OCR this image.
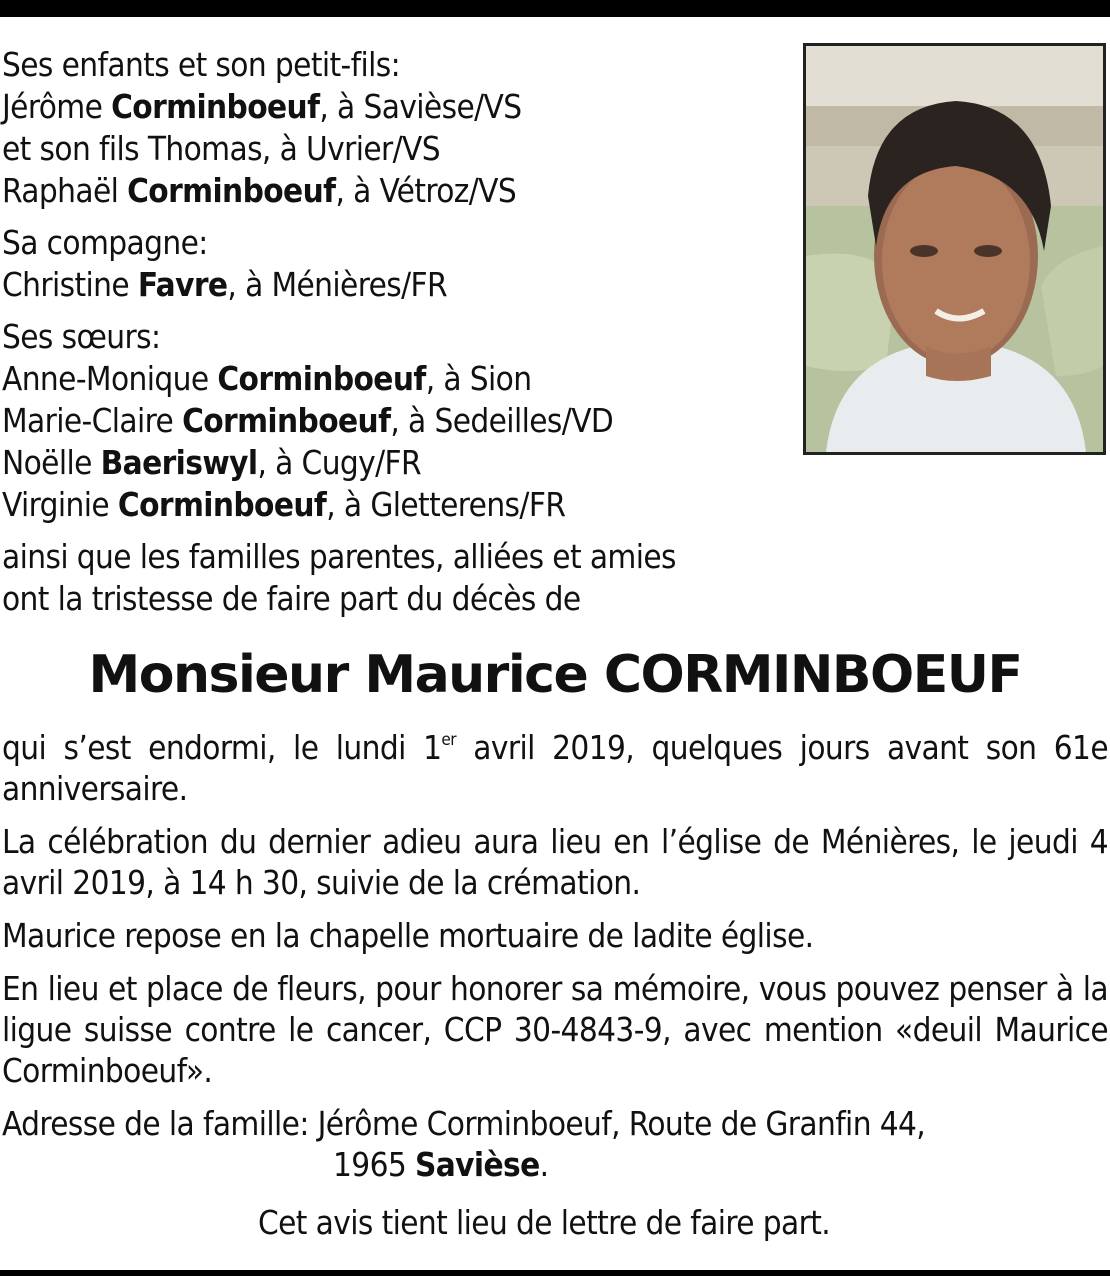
Ses enfants et son petit-fils:
Jérôme Corminboeuf, à Savièse/VS
et son fils Thomas, à Uvrier/VS
Raphaël Corminboeuf, à Vétroz/VS
Sa compagne:
Christine Favre, à Ménières/FR
Ses sœurs:
Anne-Monique Corminboeuf, à Sion
Marie-Claire Corminboeuf, à Sedeilles/VD
Noëlle Baeriswyl, à Cugy/FR
Virginie Corminboeuf, à Gletterens/FR
ainsi que les familles parentes, alliées et amies
ont la tristesse de faire part du décès de
Monsieur Maurice CORMINBOEUF
qui s’est endormi, le lundi 1er avril 2019, quelques jours avant son 61e anniversaire.
La célébration du dernier adieu aura lieu en l’église de Ménières, le jeudi 4 avril 2019, à 14 h 30, suivie de la crémation.
Maurice repose en la chapelle mortuaire de ladite église.
En lieu et place de fleurs, pour honorer sa mémoire, vous pouvez penser à la ligue suisse contre le cancer, CCP 30-4843-9, avec mention «deuil Maurice Corminboeuf».
Adresse de la famille: Jérôme Corminboeuf, Route de Granfin 44,
1965 Savièse.
Cet avis tient lieu de lettre de faire part.
